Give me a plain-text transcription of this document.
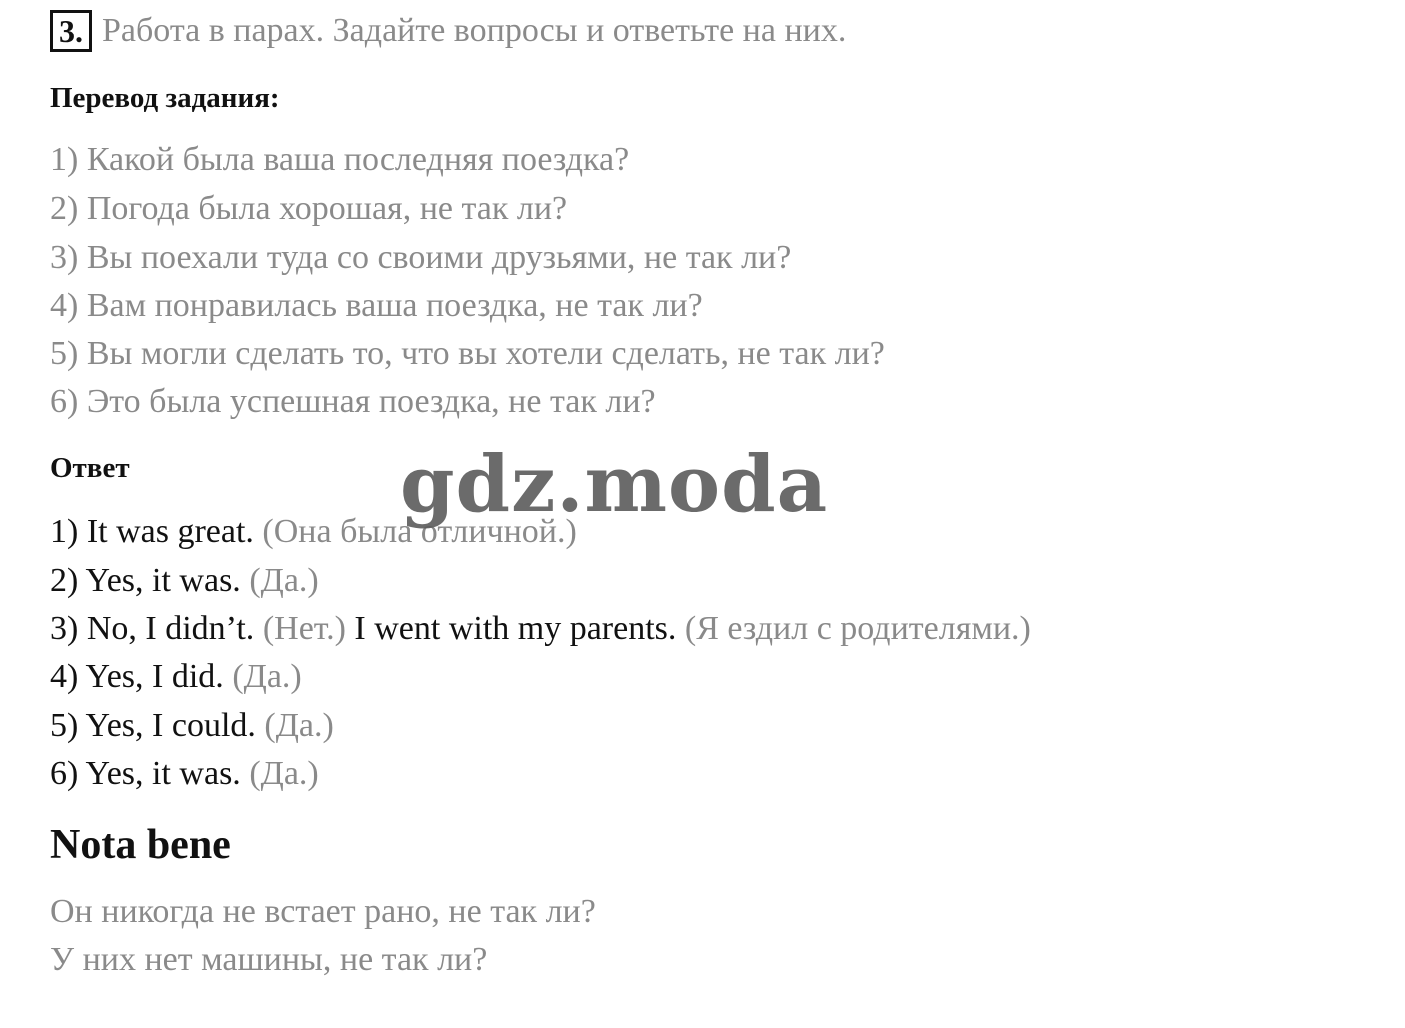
3. Работа в парах. Задайте вопросы и ответьте на них.
Перевод задания:
1) Какой была ваша последняя поездка?
2) Погода была хорошая, не так ли?
3) Вы поехали туда со своими друзьями, не так ли?
4) Вам понравилась ваша поездка, не так ли?
5) Вы могли сделать то, что вы хотели сделать, не так ли?
6) Это была успешная поездка, не так ли?
Ответ
1) It was great. (Она была отличной.)
2) Yes, it was. (Да.)
3) No, I didn’t. (Нет.) I went with my parents. (Я ездил с родителями.)
4) Yes, I did. (Да.)
5) Yes, I could. (Да.)
6) Yes, it was. (Да.)
Nota bene
Он никогда не встает рано, не так ли?
У них нет машины, не так ли?
gdz.moda
